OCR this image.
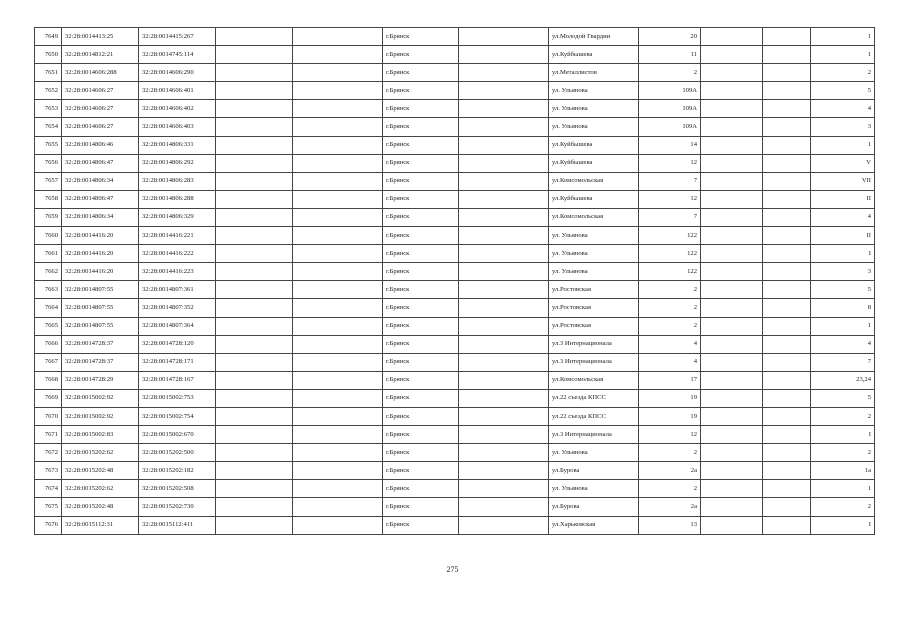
7649	32:28:0014413:25	32:28:0014415:267			г.Брянск		ул.Молодой Гвардии	20			1
7650	32:28:0014812:21	32:28:0014745:114			г.Брянск		ул.Куйбышева	11			1
7651	32:28:0014606:288	32:28:0014606:290			г.Брянск		ул.Металлистов	2			2
7652	32:28:0014606:27	32:28:0014606:401			г.Брянск		ул. Ульянова	109А			5
7653	32:28:0014606:27	32:28:0014606:402			г.Брянск		ул. Ульянова	109А			4
7654	32:28:0014606:27	32:28:0014606:403			г.Брянск		ул. Ульянова	109А			3
7655	32:28:0014806:46	32:28:0014806:331			г.Брянск		ул.Куйбышева	14			1
7656	32:28:0014806:47	32:28:0014806:292			г.Брянск		ул.Куйбышева	12			V
7657	32:28:0014806:34	32:28:0014806:283			г.Брянск		ул.Комсомольская	7			VII
7658	32:28:0014806:47	32:28:0014806:288			г.Брянск		ул.Куйбышева	12			II
7659	32:28:0014806:34	32:28:0014806:329			г.Брянск		ул.Комсомольская	7			4
7660	32:28:0014416:20	32:28:0014416:221			г.Брянск		ул. Ульянова	122			II
7661	32:28:0014416:20	32:28:0014416:222			г.Брянск		ул. Ульянова	122			I
7662	32:28:0014416:20	32:28:0014416:223			г.Брянск		ул. Ульянова	122			3
7663	32:28:0014807:55	32:28:0014807:361			г.Брянск		ул.Ростовская	2			5
7664	32:28:0014807:55	32:28:0014807:352			г.Брянск		ул.Ростовская	2			8
7665	32:28:0014807:55	32:28:0014807:364			г.Брянск		ул.Ростовская	2			1
7666	32:28:0014728:37	32:28:0014728:120			г.Брянск		ул.3 Интернационала	4			4
7667	32:28:0014728:37	32:28:0014728:171			г.Брянск		ул.3 Интернационала	4			7
7668	32:28:0014728:29	32:28:0014728:167			г.Брянск		ул.Комсомольская	17			23,24
7669	32:28:0015002:92	32:28:0015002:753			г.Брянск		ул.22 съезда КПСС	19			5
7670	32:28:0015002:92	32:28:0015002:754			г.Брянск		ул.22 съезда КПСС	19			2
7671	32:28:0015002:83	32:28:0015002:670			г.Брянск		ул.3 Интернационала	12			I
7672	32:28:0015202:62	32:28:0015202:500			г.Брянск		ул. Ульянова	2			2
7673	32:28:0015202:48	32:28:0015202:182			г.Брянск		ул.Бурова	2а			1а
7674	32:28:0015202:62	32:28:0015202:508			г.Брянск		ул. Ульянова	2			1
7675	32:28:0015202:48	32:28:0015202:730			г.Брянск		ул.Бурова	2а			2
7676	32:28:0015112:31	32:28:0015112:411			г.Брянск		ул.Харьковская	13			I
275
